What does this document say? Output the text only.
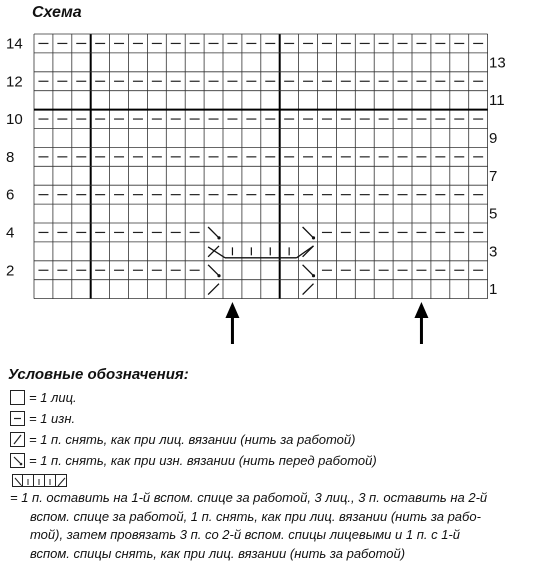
Схема
14
12
10
8
6
4
2
13
11
9
7
5
3
1
Условные обозначения:
= 1 лиц.
= 1 изн.
= 1 п. снять, как при лиц. вязании (нить за работой)
= 1 п. снять, как при изн. вязании (нить перед работой)
= 1 п. оставить на 1-й вспом. спице за работой, 3 лиц., 3 п. оставить на 2-й
вспом. спице за работой, 1 п. снять, как при лиц. вязании (нить за рабо-
той), затем провязать 3 п. со 2-й вспом. спицы лицевыми и 1 п. с 1-й
вспом. спицы снять, как при лиц. вязании (нить за работой)
